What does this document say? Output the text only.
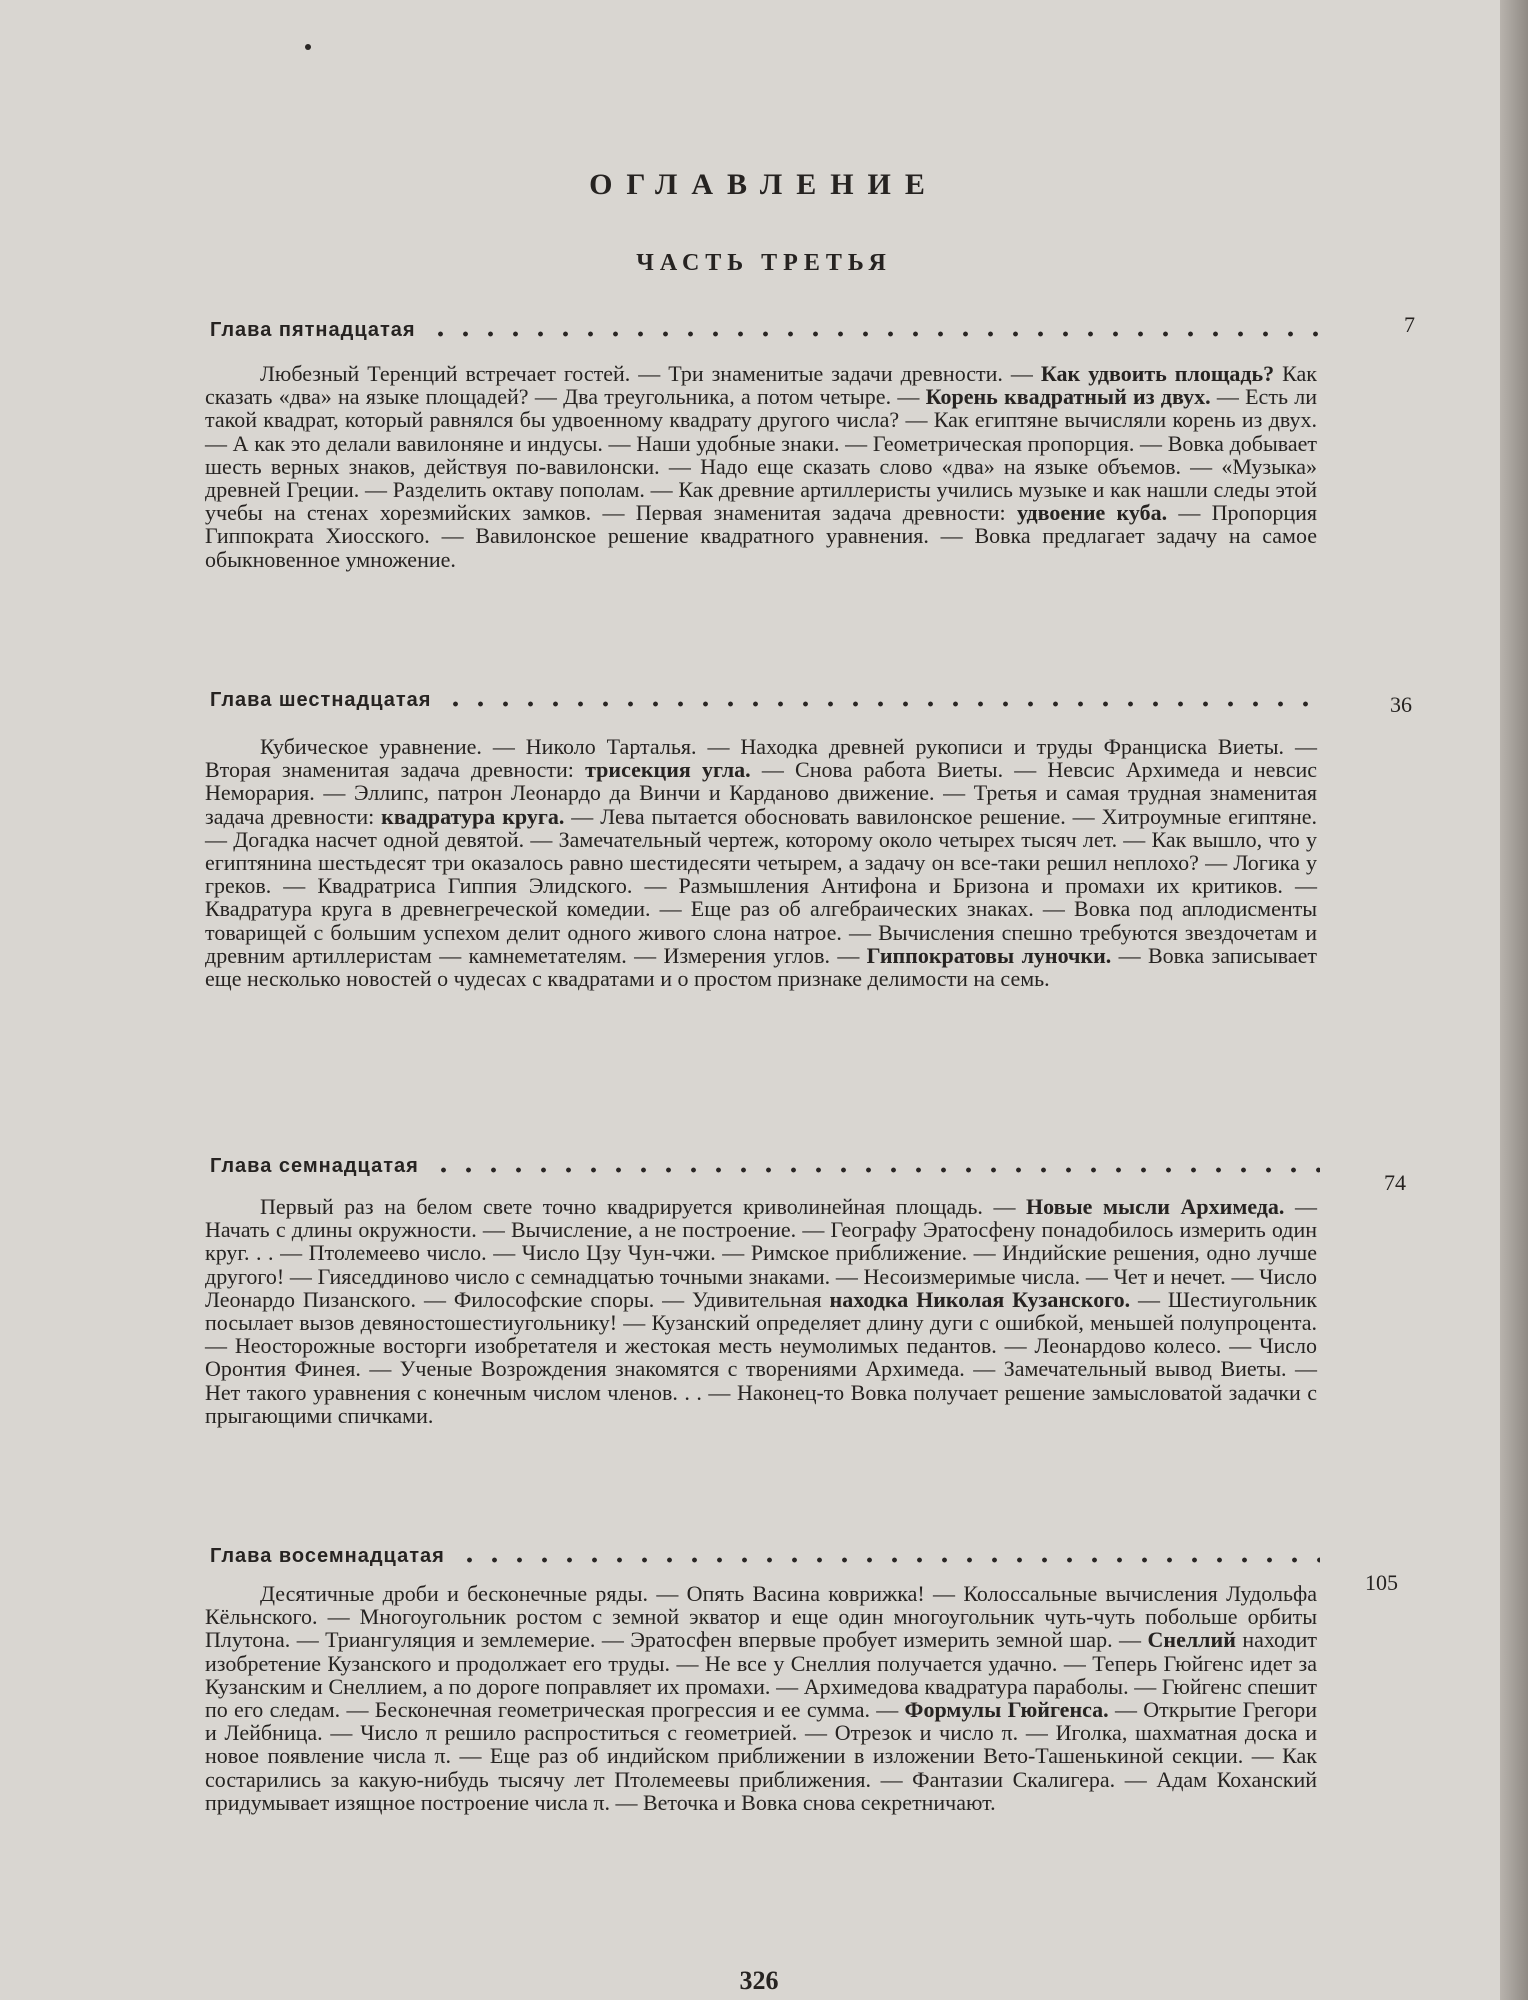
ОГЛАВЛЕНИЕ
ЧАСТЬ ТРЕТЬЯ
Глава пятнадцатая	7

Любезный Теренций встречает гостей. — Три знаменитые задачи древности. — Как удвоить площадь? Как сказать «два» на языке площадей? — Два треугольника, а потом четыре. — Корень квадратный из двух. — Есть ли такой квадрат, который равнялся бы удвоенному квадрату другого числа? — Как египтяне вычисляли корень из двух. — А как это делали вавилоняне и индусы. — Наши удобные знаки. — Геометрическая пропорция. — Вовка добывает шесть верных знаков, действуя по-вавилонски. — Надо еще сказать слово «два» на языке объемов. — «Музыка» древней Греции. — Разделить октаву пополам. — Как древние артиллеристы учились музыке и как нашли следы этой учебы на стенах хорезмийских замков. — Первая знаменитая задача древности: удвоение куба. — Пропорция Гиппократа Хиосского. — Вавилонское решение квадратного уравнения. — Вовка предлагает задачу на самое обыкновенное умножение.

Глава шестнадцатая	36

Кубическое уравнение. — Николо Тарталья. — Находка древней рукописи и труды Франциска Виеты. — Вторая знаменитая задача древности: трисекция угла. — Снова работа Виеты. — Невсис Архимеда и невсис Неморария. — Эллипс, патрон Леонардо да Винчи и Карданово движение. — Третья и самая трудная знаменитая задача древности: квадратура круга. — Лева пытается обосновать вавилонское решение. — Хитроумные египтяне. — Догадка насчет одной девятой. — Замечательный чертеж, которому около четырех тысяч лет. — Как вышло, что у египтянина шестьдесят три оказалось равно шестидесяти четырем, а задачу он все-таки решил неплохо? — Логика у греков. — Квадратриса Гиппия Элидского. — Размышления Антифона и Бризона и промахи их критиков. — Квадратура круга в древнегреческой комедии. — Еще раз об алгебраических знаках. — Вовка под аплодисменты товарищей с большим успехом делит одного живого слона натрое. — Вычисления спешно требуются звездочетам и древним артиллеристам — камнеметателям. — Измерения углов. — Гиппократовы луночки. — Вовка записывает еще несколько новостей о чудесах с квадратами и о простом признаке делимости на семь.

Глава семнадцатая
74

Первый раз на белом свете точно квадрируется криволинейная площадь. — Новые мысли Архимеда. — Начать с длины окружности. — Вычисление, а не построение. — Географу Эратосфену понадобилось измерить один круг. . . — Птолемеево число. — Число Цзу Чун-чжи. — Римское приближение. — Индийские решения, одно лучше другого! — Гияседдиново число с семнадцатью точными знаками. — Несоизмеримые числа. — Чет и нечет. — Число Леонардо Пизанского. — Философские споры. — Удивительная находка Николая Кузанского. — Шестиугольник посылает вызов девяностошестиугольнику! — Кузанский определяет длину дуги с ошибкой, меньшей полупроцента. — Неосторожные восторги изобретателя и жестокая месть неумолимых педантов. — Леонардово колесо. — Число Оронтия Финея. — Ученые Возрождения знакомятся с творениями Архимеда. — Замечательный вывод Виеты. — Нет такого уравнения с конечным числом членов. . . — Наконец-то Вовка получает решение замысловатой задачки с прыгающими спичками.

Глава восемнадцатая
105

Десятичные дроби и бесконечные ряды. — Опять Васина коврижка! — Колоссальные вычисления Лудольфа Кёльнского. — Многоугольник ростом с земной экватор и еще один многоугольник чуть-чуть побольше орбиты Плутона. — Триангуляция и землемерие. — Эратосфен впервые пробует измерить земной шар. — Снеллий находит изобретение Кузанского и продолжает его труды. — Не все у Снеллия получается удачно. — Теперь Гюйгенс идет за Кузанским и Снеллием, а по дороге поправляет их промахи. — Архимедова квадратура параболы. — Гюйгенс спешит по его следам. — Бесконечная геометрическая прогрессия и ее сумма. — Формулы Гюйгенса. — Открытие Грегори и Лейбница. — Число π решило распроститься с геометрией. — Отрезок и число π. — Иголка, шахматная доска и новое появление числа π. — Еще раз об индийском приближении в изложении Вето-Ташенькиной секции. — Как состарились за какую-нибудь тысячу лет Птолемеевы приближения. — Фантазии Скалигера. — Адам Коханский придумывает изящное построение числа π. — Веточка и Вовка снова секретничают.

326
